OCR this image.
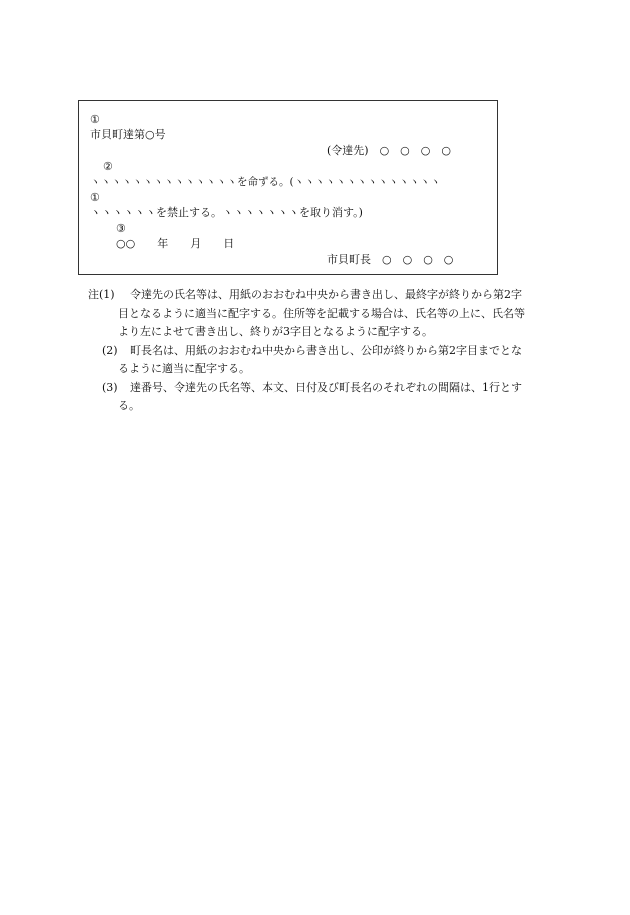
①
市貝町達第○号
(令達先)　○　○　○　○
②
ヽヽヽヽヽヽヽヽヽヽヽヽヽヽを命ずる。(ヽヽヽヽヽヽヽヽヽヽヽヽヽヽ
①
ヽヽヽヽヽヽを禁止する。ヽヽヽヽヽヽヽを取り消す。)
③
○○　　年　　月　　日
市貝町長　○　○　○　○
注(1) 令達先の氏名等は、用紙のおおむね中央から書き出し、最終字が終りから第2字
目となるように適当に配字する。住所等を記載する場合は、氏名等の上に、氏名等
より左によせて書き出し、終りが3字目となるように配字する。
(2) 町長名は、用紙のおおむね中央から書き出し、公印が終りから第2字目までとな
るように適当に配字する。
(3) 達番号、令達先の氏名等、本文、日付及び町長名のそれぞれの間隔は、1行とす
る。
